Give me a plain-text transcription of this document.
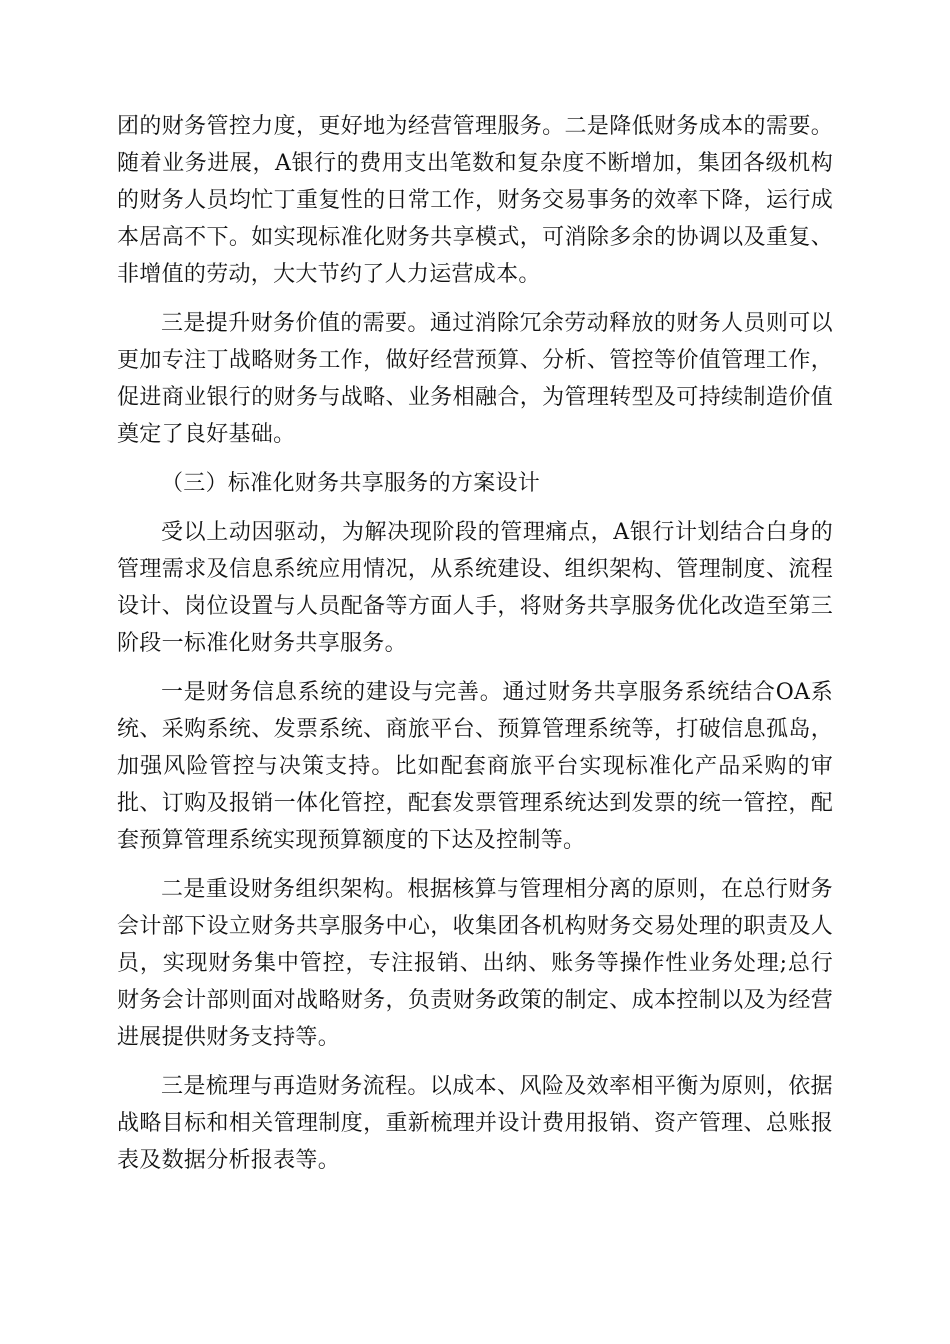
团的财务管控力度，更好地为经营管理服务。二是降低财务成本的需要。随着业务进展，A银行的费用支出笔数和复杂度不断增加，集团各级机构的财务人员均忙丁重复性的日常工作，财务交易事务的效率下降，运行成本居高不下。如实现标准化财务共享模式，可消除多余的协调以及重复、非增值的劳动，大大节约了人力运营成本。

三是提升财务价值的需要。通过消除冗余劳动释放的财务人员则可以更加专注丁战略财务工作，做好经营预算、分析、管控等价值管理工作，促进商业银行的财务与战略、业务相融合，为管理转型及可持续制造价值奠定了良好基础。

（三）标准化财务共享服务的方案设计

受以上动因驱动，为解决现阶段的管理痛点，A银行计划结合白身的管理需求及信息系统应用情况，从系统建设、组织架构、管理制度、流程设计、岗位设置与人员配备等方面人手，将财务共享服务优化改造至第三阶段一标准化财务共享服务。

一是财务信息系统的建设与完善。通过财务共享服务系统结合OA系统、采购系统、发票系统、商旅平台、预算管理系统等，打破信息孤岛，加强风险管控与决策支持。比如配套商旅平台实现标准化产品采购的审批、订购及报销一体化管控，配套发票管理系统达到发票的统一管控，配套预算管理系统实现预算额度的下达及控制等。

二是重设财务组织架构。根据核算与管理相分离的原则，在总行财务会计部下设立财务共享服务中心，收集团各机构财务交易处理的职责及人员，实现财务集中管控，专注报销、出纳、账务等操作性业务处理;总行财务会计部则面对战略财务，负责财务政策的制定、成本控制以及为经营进展提供财务支持等。

三是梳理与再造财务流程。以成本、风险及效率相平衡为原则，依据战略目标和相关管理制度，重新梳理并设计费用报销、资产管理、总账报表及数据分析报表等。
